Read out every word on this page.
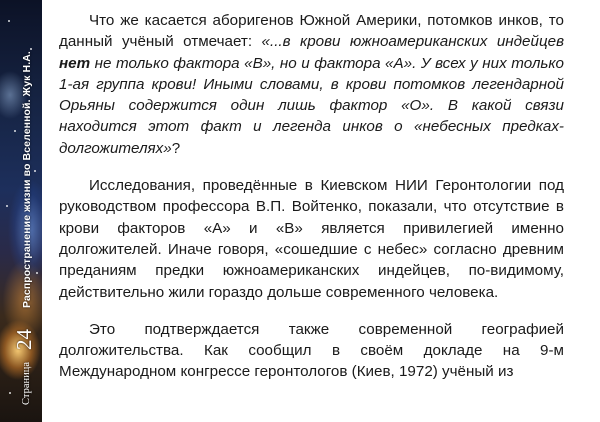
Распространение жизни во Вселенной. Жук Н.А.
24
Страница

Что же касается аборигенов Южной Америки, потомков инков, то данный учёный отмечает: «...в крови южноамериканских индейцев нет не только фактора «В», но и фактора «А». У всех у них только 1-ая группа крови! Иными словами, в крови потомков легендарной Орьяны содержится один лишь фактор «О». В какой связи находится этот факт и легенда инков о «небесных предках-долгожителях»?

Исследования, проведённые в Киевском НИИ Геронтологии под руководством профессора В.П. Войтенко, показали, что отсутствие в крови факторов «А» и «В» является привилегией именно долгожителей. Иначе говоря, «сошедшие с небес» согласно древним преданиям предки южноамериканских индейцев, по-видимому, действительно жили гораздо дольше современного человека.

Это подтверждается также современной географией долгожительства. Как сообщил в своём докладе на 9-м Международном конгрессе геронтологов (Киев, 1972) учёный из
